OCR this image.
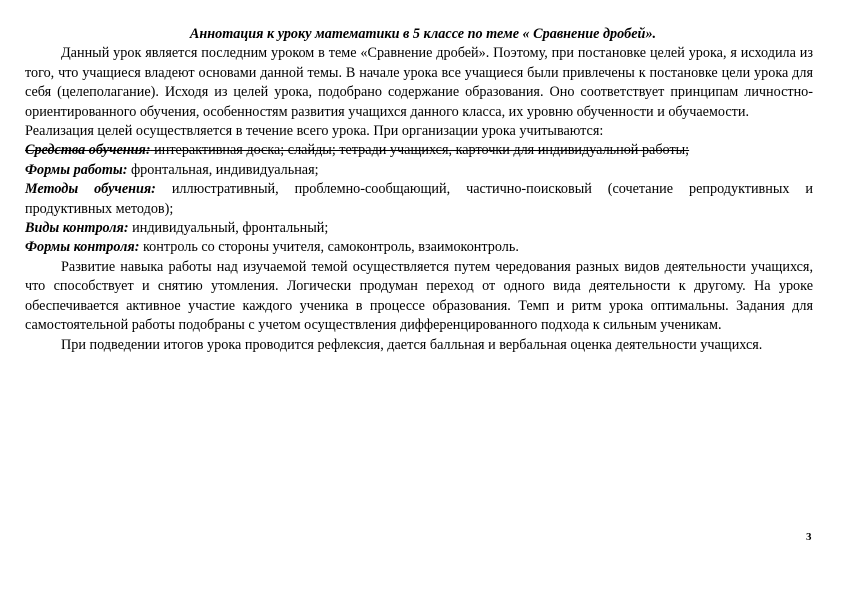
Аннотация к уроку математики в 5 классе по теме « Сравнение дробей».

Данный урок является последним уроком в теме «Сравнение дробей». Поэтому, при постановке целей урока, я исходила из того, что учащиеся владеют основами данной темы. В начале урока все учащиеся были привлечены к постановке цели урока для себя (целеполагание). Исходя из целей урока, подобрано содержание образования. Оно соответствует принципам личностно-ориентированного обучения, особенностям развития учащихся данного класса, их уровню обученности и обучаемости.

Реализация целей осуществляется в течение всего урока. При организации урока учитываются:

Средства обучения: интерактивная доска; слайды; тетради учащихся, карточки для индивидуальной работы;

Формы работы: фронтальная, индивидуальная;

Методы обучения: иллюстративный, проблемно-сообщающий, частично-поисковый (сочетание репродуктивных и продуктивных методов);

Виды контроля: индивидуальный, фронтальный;

Формы контроля: контроль со стороны учителя, самоконтроль, взаимоконтроль.

Развитие навыка работы над изучаемой темой осуществляется путем чередования разных видов деятельности учащихся, что способствует и снятию утомления. Логически продуман переход от одного вида деятельности к другому. На уроке обеспечивается активное участие каждого ученика в процессе образования. Темп и ритм урока оптимальны. Задания для самостоятельной работы подобраны с учетом осуществления дифференцированного подхода к сильным ученикам.

При подведении итогов урока проводится рефлексия, дается балльная и вербальная оценка деятельности учащихся.

3
